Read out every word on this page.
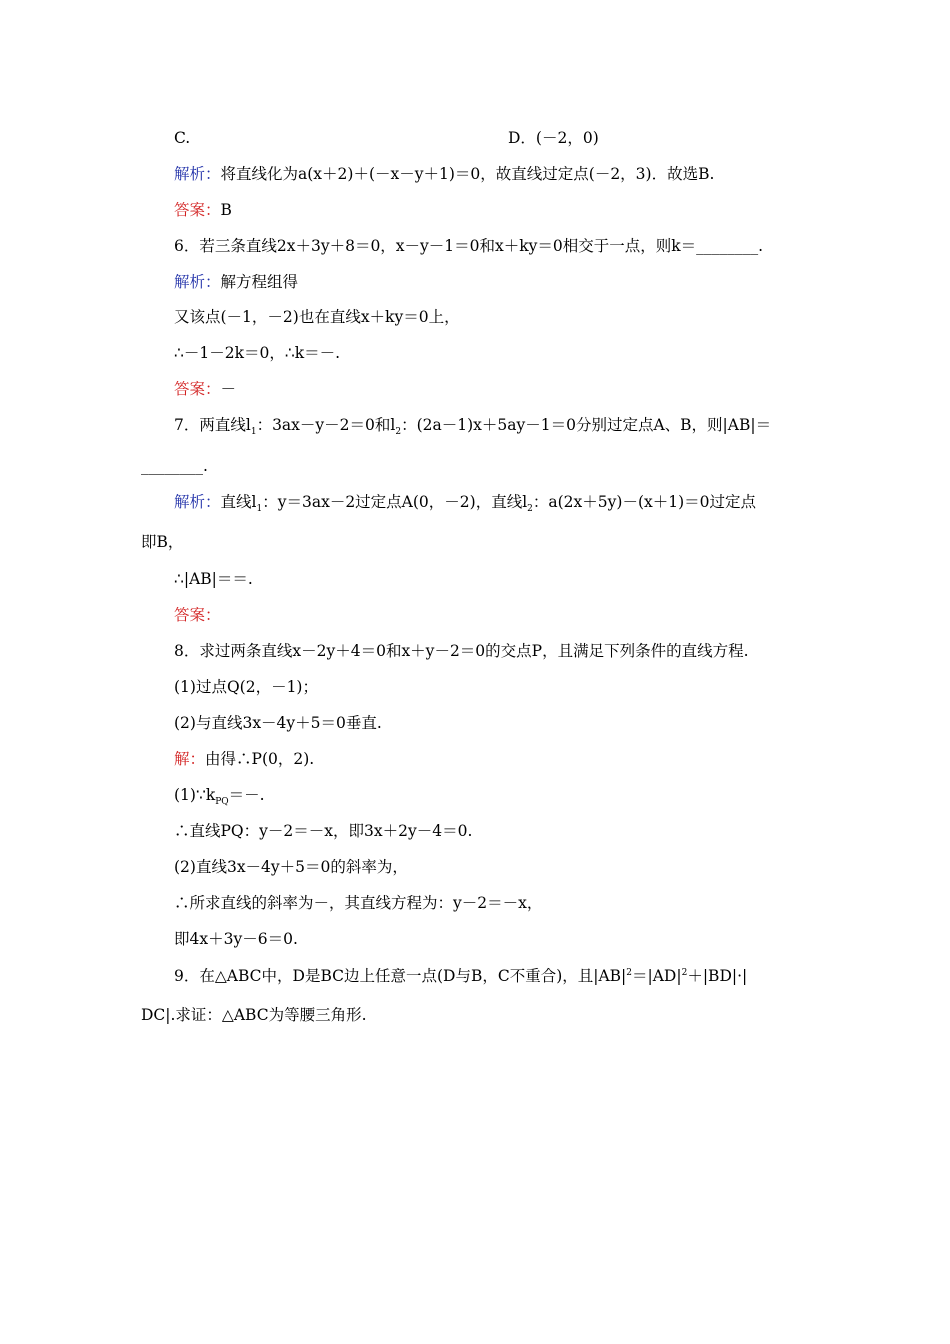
C.	D．(－2，0)
解析：将直线化为a(x＋2)＋(－x－y＋1)＝0，故直线过定点(－2，3)．故选B.
答案：B
6．若三条直线2x＋3y＋8＝0，x－y－1＝0和x＋ky＝0相交于一点，则k＝________.
解析：解方程组得
又该点(－1，－2)也在直线x＋ky＝0上，
∴－1－2k＝0，∴k＝－.
答案：－
7．两直线$l_1$：3ax－y－2＝0和$l_2$：(2a－1)x＋5ay－1＝0分别过定点A、B，则|AB|＝
________.
解析：直线$l_1$：y＝3ax－2过定点A(0，－2)，直线$l_2$：a(2x＋5y)－(x＋1)＝0过定点
即B，
∴|AB|＝＝.
答案：
8．求过两条直线x－2y＋4＝0和x＋y－2＝0的交点P，且满足下列条件的直线方程.
(1)过点Q(2，－1)；
(2)与直线3x－4y＋5＝0垂直.
解：由得∴P(0，2).
$(1)\because k_{PQ}=-$.
∴直线PQ：y－2＝－x，即3x＋2y－4＝0.
(2)直线3x－4y＋5＝0的斜率为，
∴所求直线的斜率为－，其直线方程为：y－2＝－x，
即4x＋3y－6＝0.
9．在△ABC中，D是BC边上任意一点(D与B，C不重合)，且$|AB|^2=|AD|^2+|BD|\cdot|$
DC|.求证：△ABC为等腰三角形.
